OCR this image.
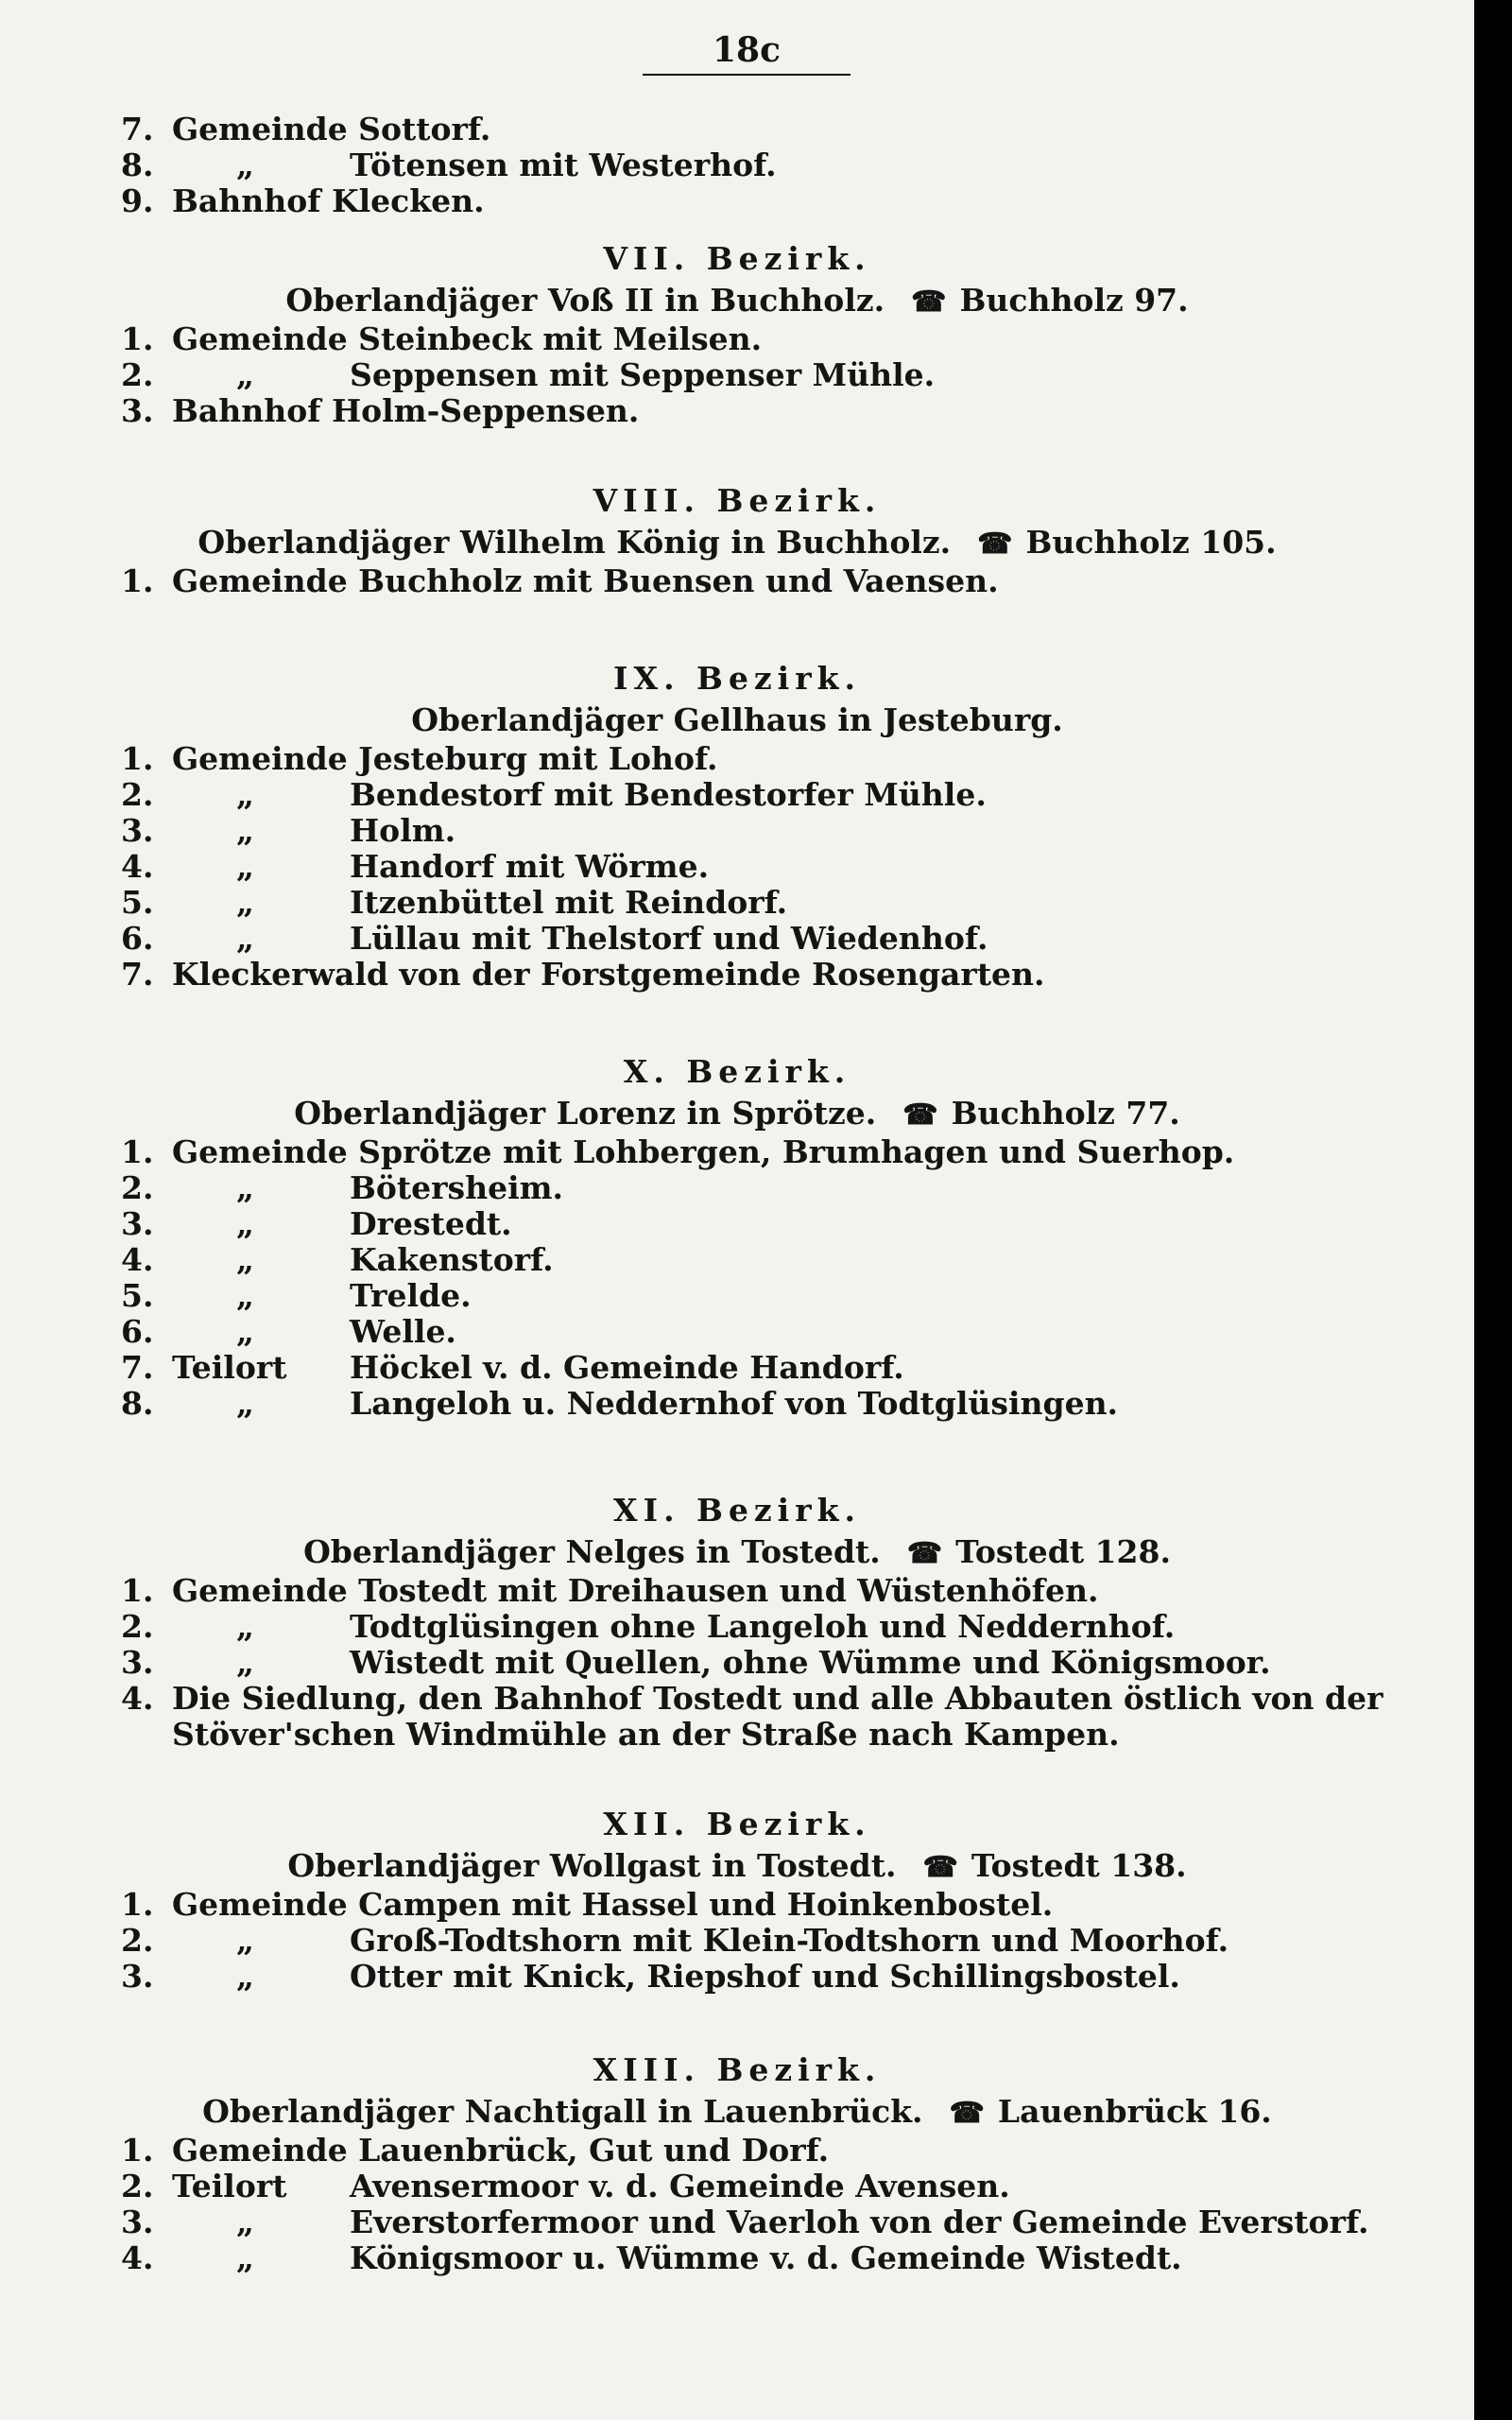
18c
7. Gemeinde Sottorf.
8.	„	Tötensen mit Westerhof.
9. Bahnhof Klecken.
VII. Bezirk.
Oberlandjäger Voß II in Buchholz. ☎ Buchholz 97.
1. Gemeinde Steinbeck mit Meilsen.
2.	„	Seppensen mit Seppenser Mühle.
3. Bahnhof Holm-Seppensen.
VIII. Bezirk.
Oberlandjäger Wilhelm König in Buchholz. ☎ Buchholz 105.
1. Gemeinde Buchholz mit Buensen und Vaensen.
IX. Bezirk.
Oberlandjäger Gellhaus in Jesteburg.
1. Gemeinde Jesteburg mit Lohof.
2.	„	Bendestorf mit Bendestorfer Mühle.
3.	„	Holm.
4.	„	Handorf mit Wörme.
5.	„	Itzenbüttel mit Reindorf.
6.	„	Lüllau mit Thelstorf und Wiedenhof.
7. Kleckerwald von der Forstgemeinde Rosengarten.
X. Bezirk.
Oberlandjäger Lorenz in Sprötze. ☎ Buchholz 77.
1. Gemeinde Sprötze mit Lohbergen, Brumhagen und Suerhop.
2.	„	Bötersheim.
3.	„	Drestedt.
4.	„	Kakenstorf.
5.	„	Trelde.
6.	„	Welle.
7. Teilort Höckel v. d. Gemeinde Handorf.
8.	„	Langeloh u. Neddernhof von Todtglüsingen.
XI. Bezirk.
Oberlandjäger Nelges in Tostedt. ☎ Tostedt 128.
1. Gemeinde Tostedt mit Dreihausen und Wüstenhöfen.
2.	„	Todtglüsingen ohne Langeloh und Neddernhof.
3.	„	Wistedt mit Quellen, ohne Wümme und Königsmoor.
4. Die Siedlung, den Bahnhof Tostedt und alle Abbauten östlich von der
Stöver'schen Windmühle an der Straße nach Kampen.
XII. Bezirk.
Oberlandjäger Wollgast in Tostedt. ☎ Tostedt 138.
1. Gemeinde Campen mit Hassel und Hoinkenbostel.
2.	„	Groß-Todtshorn mit Klein-Todtshorn und Moorhof.
3.	„	Otter mit Knick, Riepshof und Schillingsbostel.
XIII. Bezirk.
Oberlandjäger Nachtigall in Lauenbrück. ☎ Lauenbrück 16.
1. Gemeinde Lauenbrück, Gut und Dorf.
2. Teilort Avensermoor v. d. Gemeinde Avensen.
3.	„	Everstorfermoor und Vaerloh von der Gemeinde Everstorf.
4.	„	Königsmoor u. Wümme v. d. Gemeinde Wistedt.
